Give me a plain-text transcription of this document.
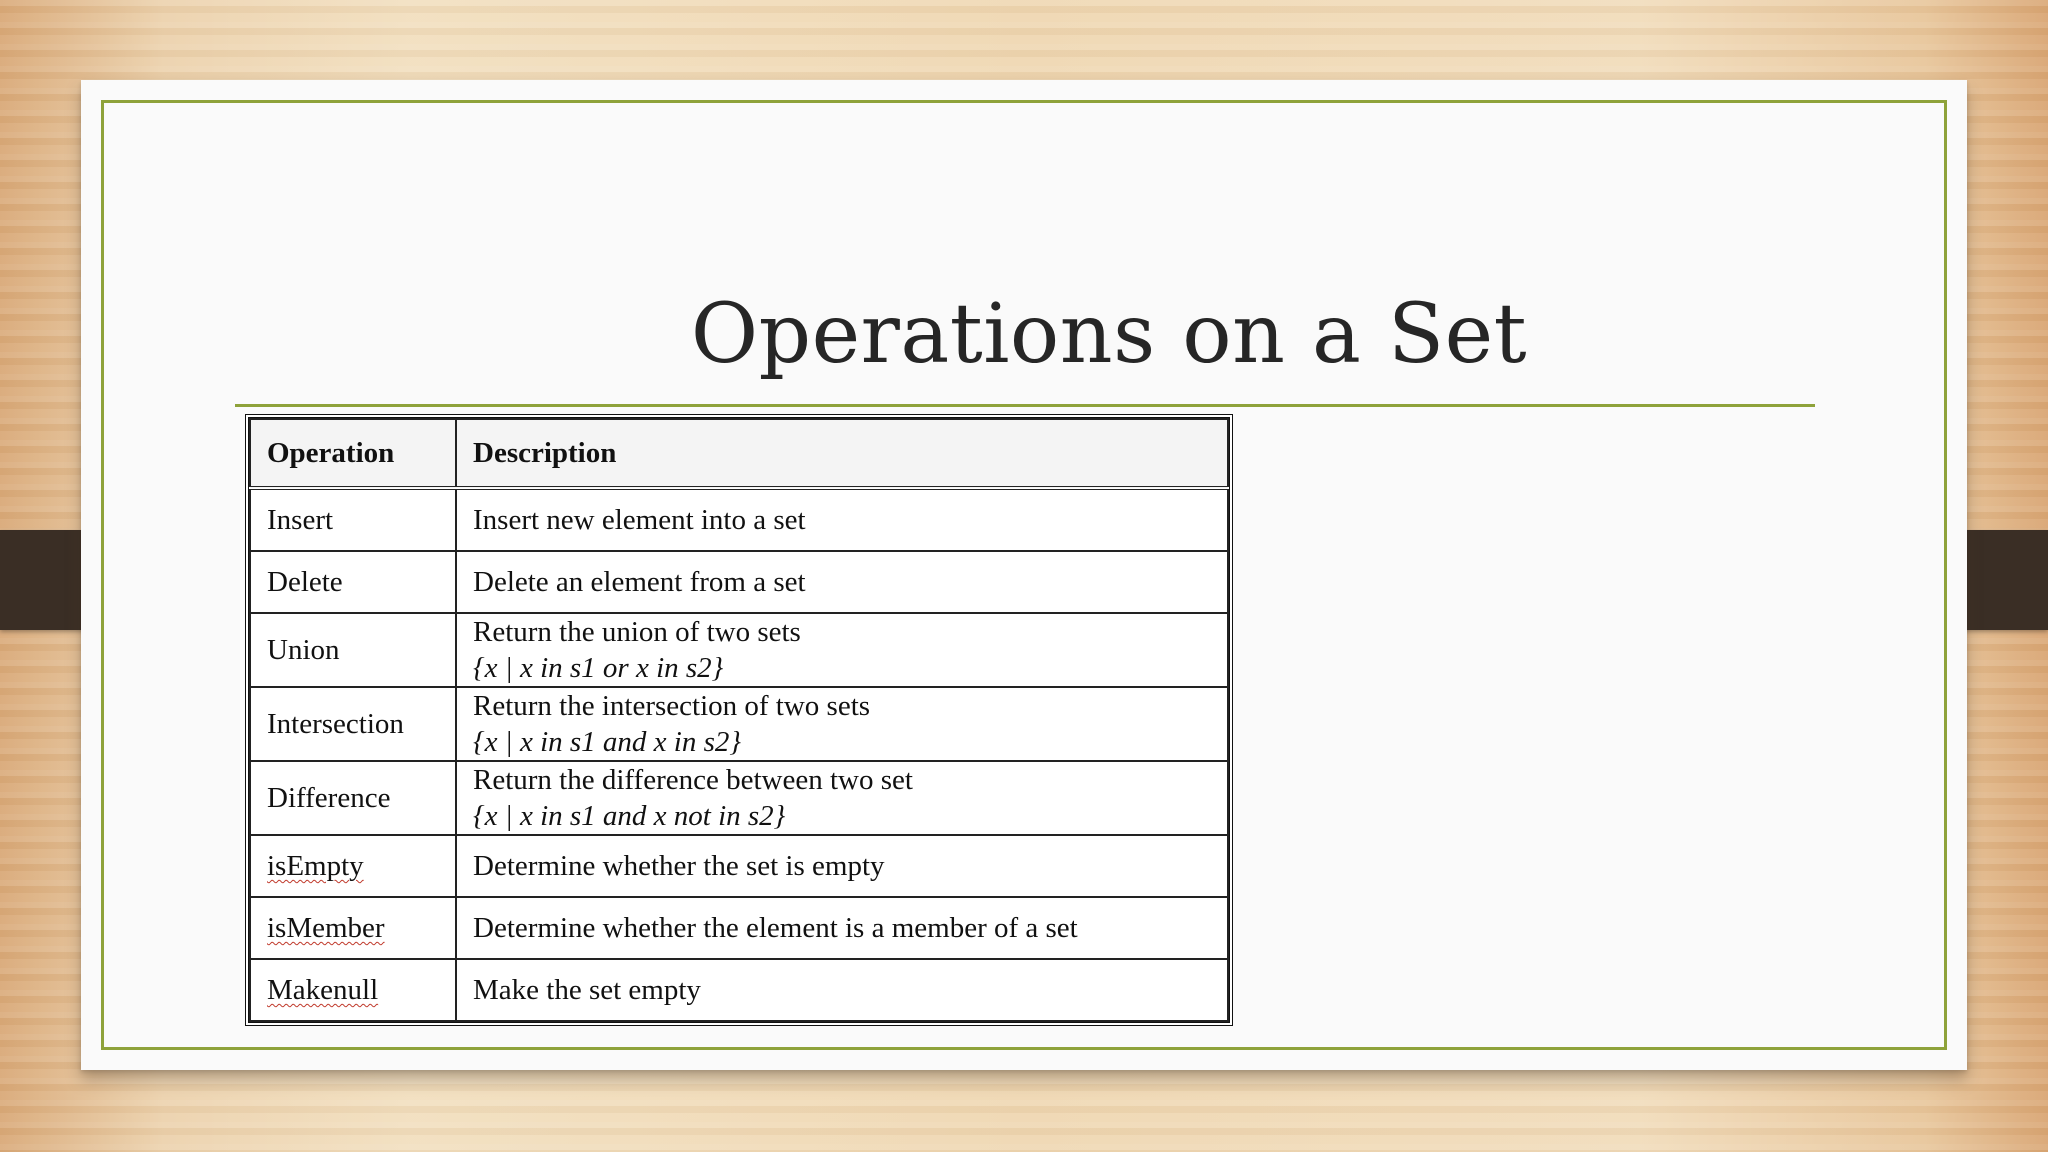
Operations on a Set
Operation	Description
Insert	Insert new element into a set
Delete	Delete an element from a set
Union	Return the union of two sets
{x | x in s1 or x in s2}

Intersection	Return the intersection of two sets
{x | x in s1 and x in s2}

Difference	Return the difference between two set
{x | x in s1 and x not in s2}

isEmpty	Determine whether the set is empty
isMember	Determine whether the element is a member of a set
Makenull	Make the set empty
